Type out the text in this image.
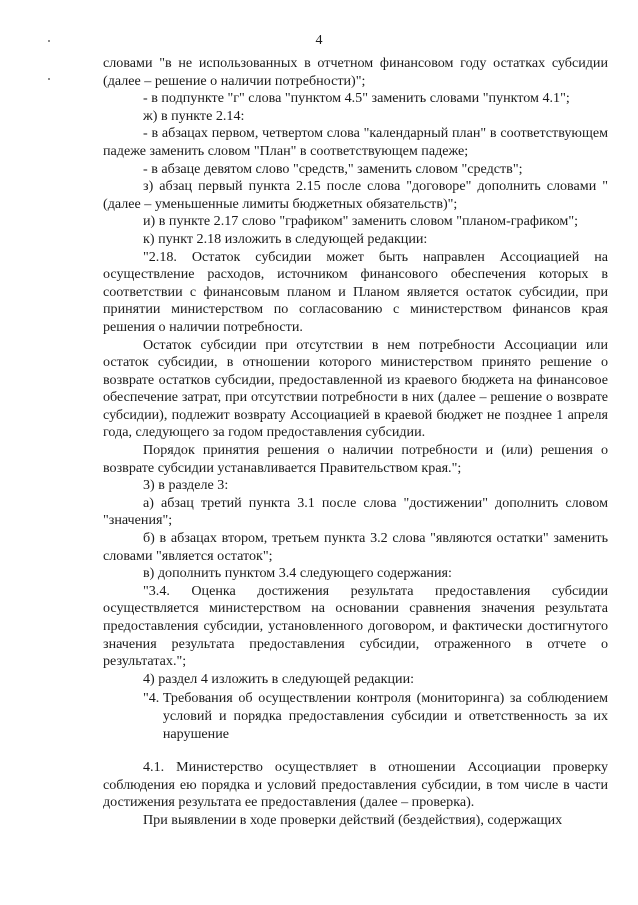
4

словами "в не использованных в отчетном финансовом году остатках субсидии (далее – решение о наличии потребности)";

- в подпункте "г" слова "пунктом 4.5" заменить словами "пунктом 4.1";

ж) в пункте 2.14:

- в абзацах первом, четвертом слова "календарный план" в соответствующем падеже заменить словом "План" в соответствующем падеже;

- в абзаце девятом слово "средств," заменить словом "средств";

з) абзац первый пункта 2.15 после слова "договоре" дополнить словами "(далее – уменьшенные лимиты бюджетных обязательств)";

и) в пункте 2.17 слово "графиком" заменить словом "планом-графиком";

к) пункт 2.18 изложить в следующей редакции:

"2.18. Остаток субсидии может быть направлен Ассоциацией на осуществление расходов, источником финансового обеспечения которых в соответствии с финансовым планом и Планом является остаток субсидии, при принятии министерством по согласованию с министерством финансов края решения о наличии потребности.

Остаток субсидии при отсутствии в нем потребности Ассоциации или остаток субсидии, в отношении которого министерством принято решение о возврате остатков субсидии, предоставленной из краевого бюджета на финансовое обеспечение затрат, при отсутствии потребности в них (далее – решение о возврате субсидии), подлежит возврату Ассоциацией в краевой бюджет не позднее 1 апреля года, следующего за годом предоставления субсидии.

Порядок принятия решения о наличии потребности и (или) решения о возврате субсидии устанавливается Правительством края.";

3) в разделе 3:

а) абзац третий пункта 3.1 после слова "достижении" дополнить словом "значения";

б) в абзацах втором, третьем пункта 3.2 слова "являются остатки" заменить словами "является остаток";

в) дополнить пунктом 3.4 следующего содержания:

"3.4. Оценка достижения результата предоставления субсидии осуществляется министерством на основании сравнения значения результата предоставления субсидии, установленного договором, и фактически достигнутого значения результата предоставления субсидии, отраженного в отчете о результатах.";

4) раздел 4 изложить в следующей редакции:

"4. Требования об осуществлении контроля (мониторинга) за соблюдением условий и порядка предоставления субсидии и ответственность за их нарушение

4.1. Министерство осуществляет в отношении Ассоциации проверку соблюдения ею порядка и условий предоставления субсидии, в том числе в части достижения результата ее предоставления (далее – проверка).

При выявлении в ходе проверки действий (бездействия), содержащих
